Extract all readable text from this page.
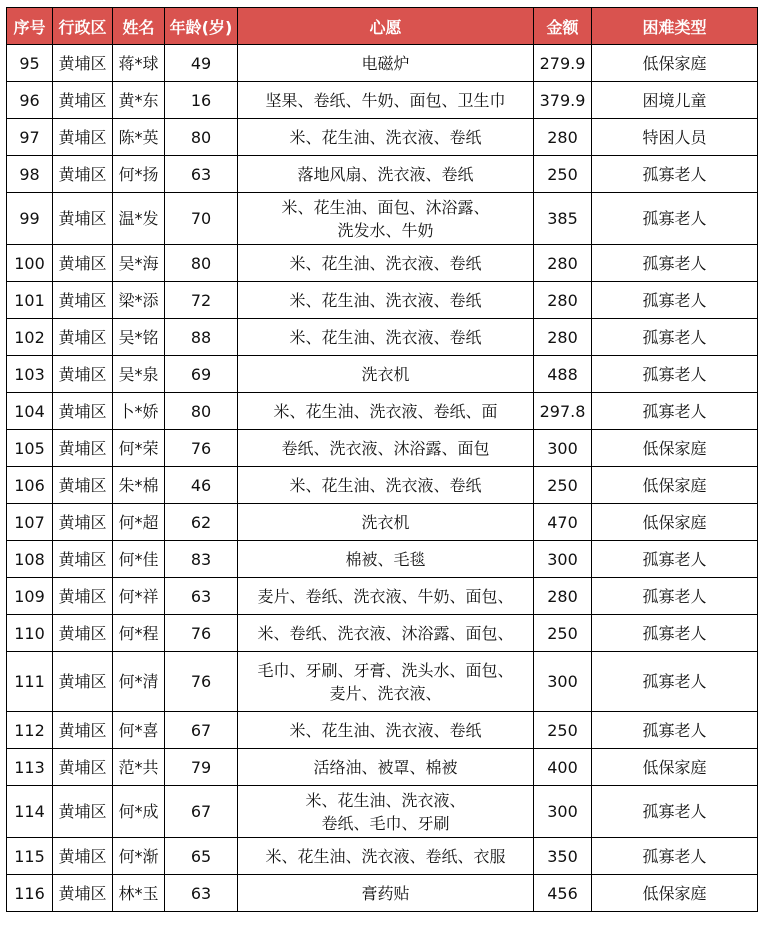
序号	行政区	姓名	年龄(岁)	心愿	金额	困难类型
95	黄埔区	蒋*球	49	电磁炉	279.9	低保家庭
96	黄埔区	黄*东	16	坚果、卷纸、牛奶、面包、卫生巾	379.9	困境儿童
97	黄埔区	陈*英	80	米、花生油、洗衣液、卷纸	280	特困人员
98	黄埔区	何*扬	63	落地风扇、洗衣液、卷纸	250	孤寡老人
99	黄埔区	温*发	70	米、花生油、面包、沐浴露、
洗发水、牛奶	385	孤寡老人
100	黄埔区	吴*海	80	米、花生油、洗衣液、卷纸	280	孤寡老人
101	黄埔区	梁*添	72	米、花生油、洗衣液、卷纸	280	孤寡老人
102	黄埔区	吴*铭	88	米、花生油、洗衣液、卷纸	280	孤寡老人
103	黄埔区	吴*泉	69	洗衣机	488	孤寡老人
104	黄埔区	卜*娇	80	米、花生油、洗衣液、卷纸、面	297.8	孤寡老人
105	黄埔区	何*荣	76	卷纸、洗衣液、沐浴露、面包	300	低保家庭
106	黄埔区	朱*棉	46	米、花生油、洗衣液、卷纸	250	低保家庭
107	黄埔区	何*超	62	洗衣机	470	低保家庭
108	黄埔区	何*佳	83	棉被、毛毯	300	孤寡老人
109	黄埔区	何*祥	63	麦片、卷纸、洗衣液、牛奶、面包、	280	孤寡老人
110	黄埔区	何*程	76	米、卷纸、洗衣液、沐浴露、面包、	250	孤寡老人
111	黄埔区	何*清	76	毛巾、牙刷、牙膏、洗头水、面包、
麦片、洗衣液、	300	孤寡老人
112	黄埔区	何*喜	67	米、花生油、洗衣液、卷纸	250	孤寡老人
113	黄埔区	范*共	79	活络油、被罩、棉被	400	低保家庭
114	黄埔区	何*成	67	米、花生油、洗衣液、
卷纸、毛巾、牙刷	300	孤寡老人
115	黄埔区	何*渐	65	米、花生油、洗衣液、卷纸、衣服	350	孤寡老人
116	黄埔区	林*玉	63	膏药贴	456	低保家庭
